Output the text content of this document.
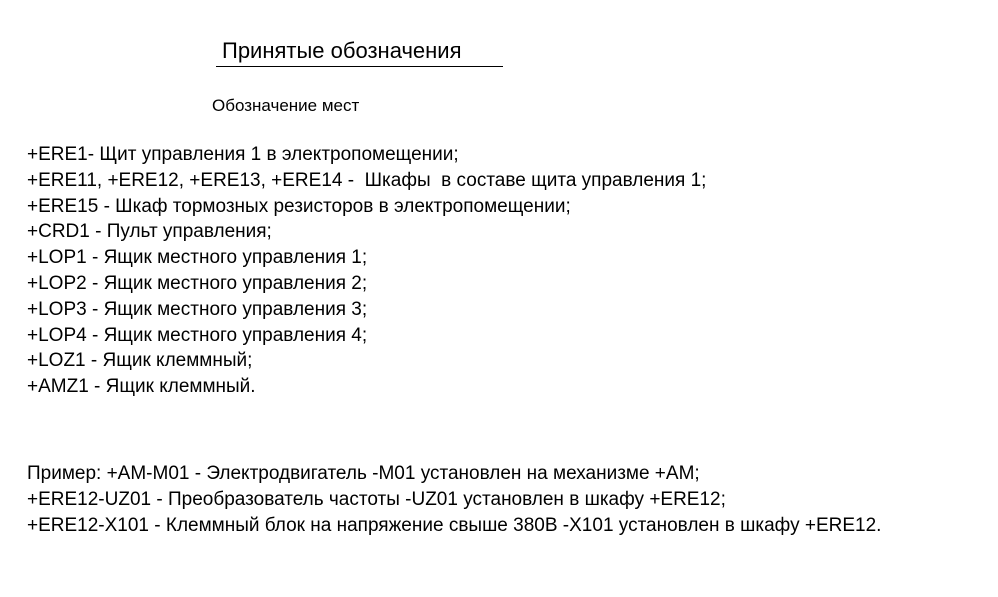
Принятые обозначения
Обозначение мест
+ERE1- Щит управления 1 в электропомещении;
+ERE11, +ERE12, +ERE13, +ERE14 -  Шкафы  в составе щита управления 1;
+ERE15 - Шкаф тормозных резисторов в электропомещении;
+CRD1 - Пульт управления;
+LOP1 - Ящик местного управления 1;
+LOP2 - Ящик местного управления 2;
+LOP3 - Ящик местного управления 3;
+LOP4 - Ящик местного управления 4;
+LOZ1 - Ящик клеммный;
+AMZ1 - Ящик клеммный.
Пример: +AM-M01 - Электродвигатель -M01 установлен на механизме +AM;
+ERE12-UZ01 - Преобразователь частоты -UZ01 установлен в шкафу +ERE12;
+ERE12-X101 - Клеммный блок на напряжение свыше 380В -X101 установлен в шкафу +ERE12.
